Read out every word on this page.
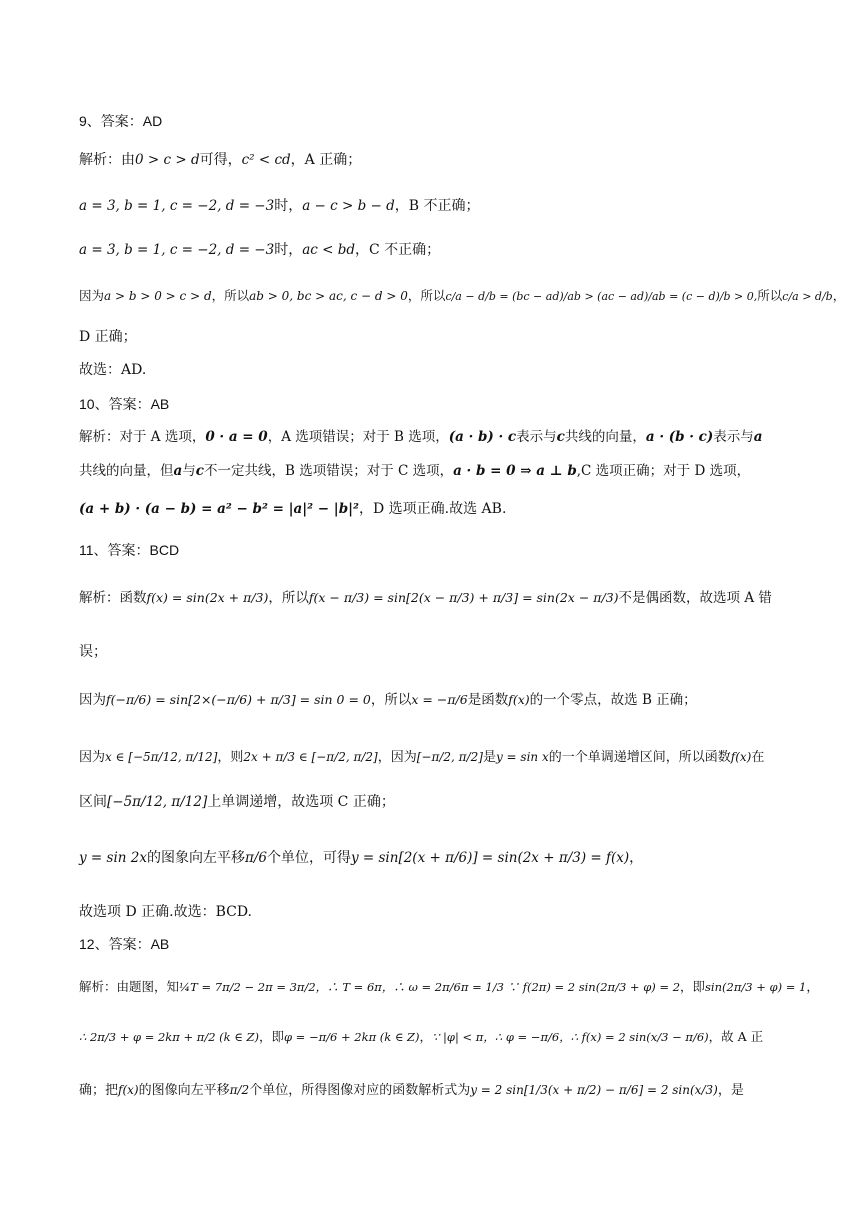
9、答案：AD
解析：由0 > c > d可得，c² < cd，A 正确；
a = 3, b = 1, c = −2, d = −3时，a − c > b − d，B 不正确；
a = 3, b = 1, c = −2, d = −3时，ac < bd，C 不正确；
因为a > b > 0 > c > d，所以ab > 0, bc > ac, c − d > 0，所以c/a − d/b = (bc − ad)/ab > (ac − ad)/ab = (c − d)/b > 0,所以c/a > d/b，
D 正确；
故选：AD.
10、答案：AB
解析：对于 A 选项，0 · a = 0，A 选项错误；对于 B 选项，(a · b) · c表示与c共线的向量，a · (b · c)表示与a
共线的向量，但a与c不一定共线，B 选项错误；对于 C 选项，a · b = 0 ⇒ a ⊥ b,C 选项正确；对于 D 选项，
(a + b) · (a − b) = a² − b² = |a|² − |b|²，D 选项正确.故选 AB.
11、答案：BCD
解析：函数f(x) = sin(2x + π/3)，所以f(x − π/3) = sin[2(x − π/3) + π/3] = sin(2x − π/3)不是偶函数，故选项 A 错
误；
因为f(−π/6) = sin[2×(−π/6) + π/3] = sin 0 = 0，所以x = −π/6是函数f(x)的一个零点，故选 B 正确；
因为x ∈ [−5π/12, π/12]，则2x + π/3 ∈ [−π/2, π/2]，因为[−π/2, π/2]是y = sin x的一个单调递增区间，所以函数f(x)在
区间[−5π/12, π/12]上单调递增，故选项 C 正确；
y = sin 2x的图象向左平移π/6个单位，可得y = sin[2(x + π/6)] = sin(2x + π/3) = f(x)，
故选项 D 正确.故选：BCD.
12、答案：AB
解析：由题图，知¼T = 7π/2 − 2π = 3π/2，∴ T = 6π，∴ ω = 2π/6π = 1/3 ∵ f(2π) = 2 sin(2π/3 + φ) = 2，即sin(2π/3 + φ) = 1，
∴ 2π/3 + φ = 2kπ + π/2 (k ∈ Z)，即φ = −π/6 + 2kπ (k ∈ Z)，∵ |φ| < π，∴ φ = −π/6，∴ f(x) = 2 sin(x/3 − π/6)，故 A 正
确；把f(x)的图像向左平移π/2个单位，所得图像对应的函数解析式为y = 2 sin[1/3(x + π/2) − π/6] = 2 sin(x/3)，是
